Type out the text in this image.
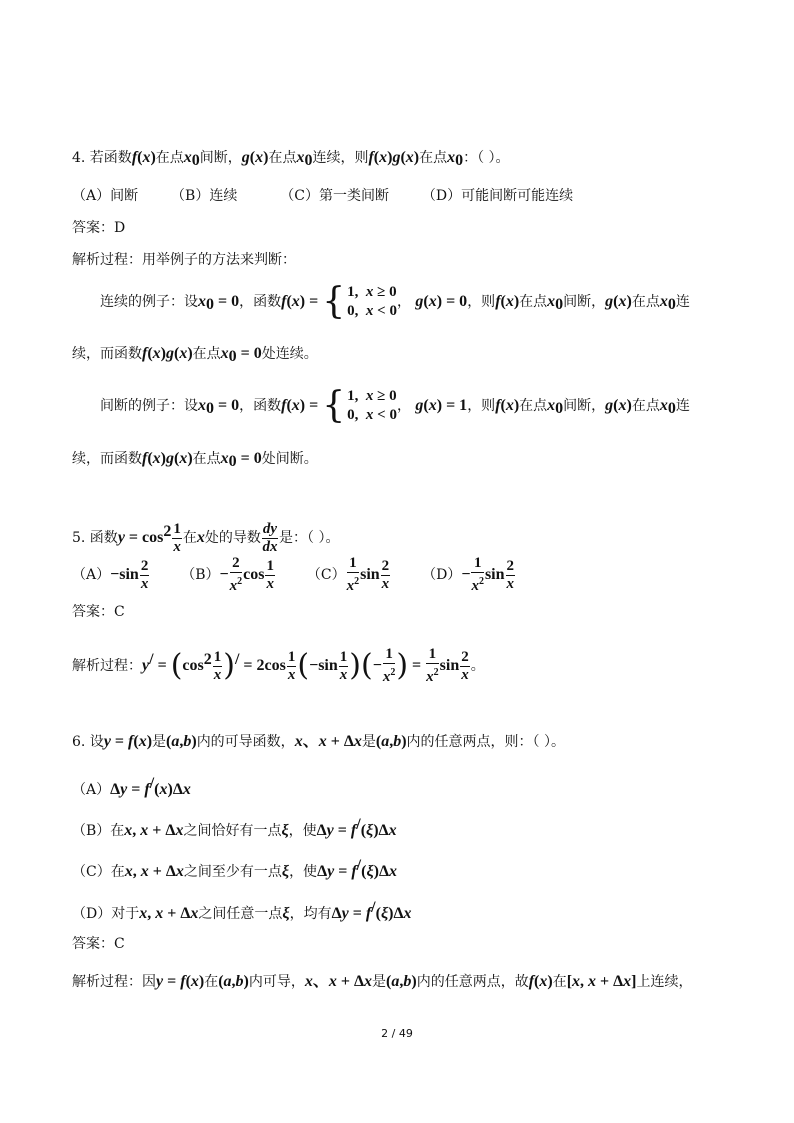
4. 若函数f(x)在点$x_0$间断，g(x)在点$x_0$连续，则f(x)g(x)在点$x_0$：（ ）。
（A）间断 （B）连续	（C）第一类间断 （D）可能间断可能连续
答案：D
解析过程：用举例子的方法来判断：
连续的例子：设$x_0 = 0$，函数f(x) = { 1,  x ≥ 0
0,  x < 0
， g(x) = 0，则f(x)在点$x_0$间断，g(x)在点$x_0$连
续，而函数f(x)g(x)在点$x_0 = 0$处连续。
间断的例子：设$x_0 = 0$，函数f(x) = { 1,  x ≥ 0
0,  x < 0
， g(x) = 1，则f(x)在点$x_0$间断，g(x)在点$x_0$连
续，而函数f(x)g(x)在点$x_0 = 0$处间断。
5. 函数$y = \cos^2 \frac{1}{x}$ 在x处的导数 $\frac{dy}{dx}$ 是：（ ）。
$(A)-\sin \frac{2}{x} (B)- \frac{2}{x^2}$ $\cos \frac{1}{x} (C) \frac{1}{x^2}$ $\sin \frac{2}{x} (D)- \frac{1}{x^2}$ $\sin \frac{2}{x}$
答案：C
解析过程：$y^/ = (\cos^2 \frac{1}{x} )^/ = 2\cos \frac{1}{x} (-\sin \frac{1}{x}$ )(− $\frac{1}{x^2}$ ) = $\frac{1}{x^2}$ $\sin \frac{2}{x}$ 。
6. 设y = f(x)是(a,b)内的可导函数，x、x + Δx是(a,b)内的任意两点，则：（ ）。
（A）Δy = f/(x)Δx
（B）在x, x + Δx之间恰好有一点ξ，使Δy = f/(ξ)Δx
（C）在x, x + Δx之间至少有一点ξ，使Δy = f/(ξ)Δx
（D）对于x, x + Δx之间任意一点ξ，均有Δy = f/(ξ)Δx
答案：C
解析过程：因y = f(x)在(a,b)内可导，x、x + Δx是(a,b)内的任意两点，故f(x)在[x, x + Δx]上连续，
2 / 49
